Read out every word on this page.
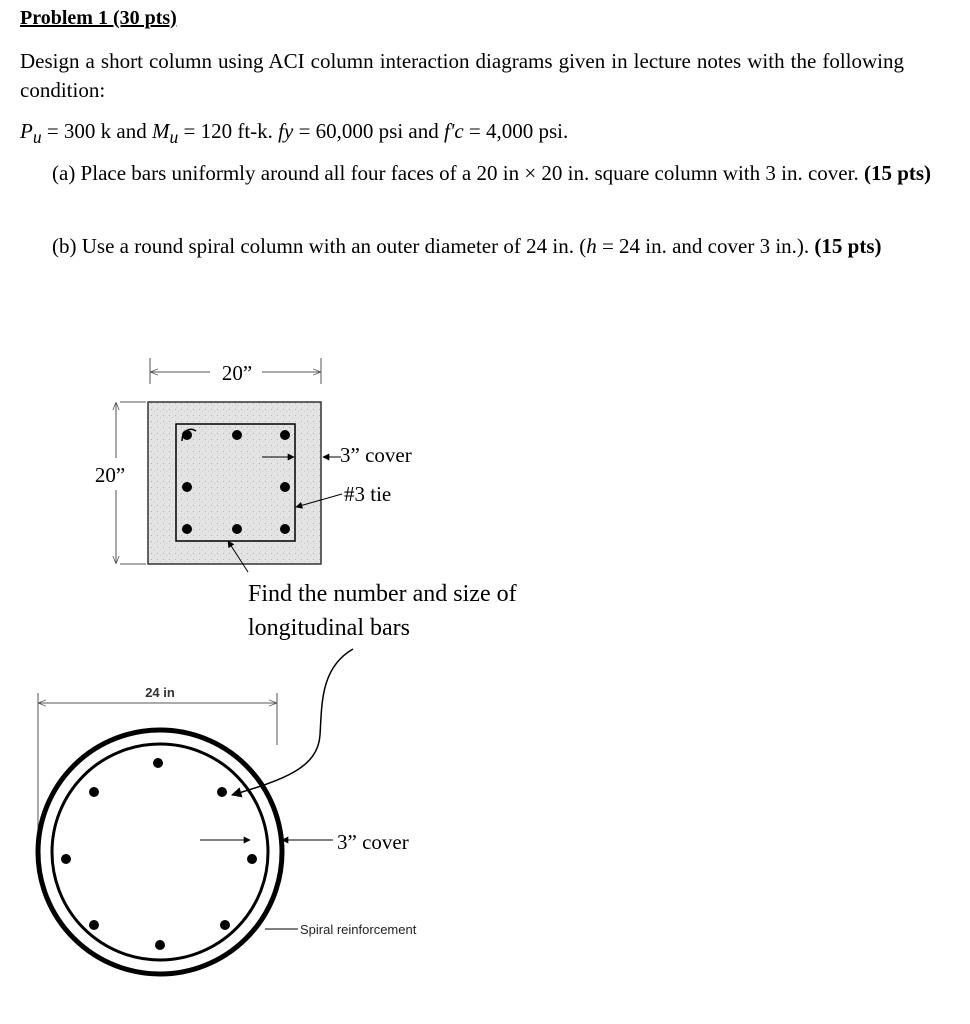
Problem 1 (30 pts)

Design a short column using ACI column interaction diagrams given in lecture notes with the following condition:

$P_u = 300$ k and $M_u = 120$ ft-k. fy = 60,000 psi and f'c = 4,000 psi.

(a) Place bars uniformly around all four faces of a 20 in × 20 in. square column with 3 in. cover. (15 pts)

(b) Use a round spiral column with an outer diameter of 24 in. (h = 24 in. and cover 3 in.). (15 pts)

20”
20”
3” cover
#3 tie
Find the number and size of
longitudinal bars
24 in
3” cover
Spiral reinforcement
